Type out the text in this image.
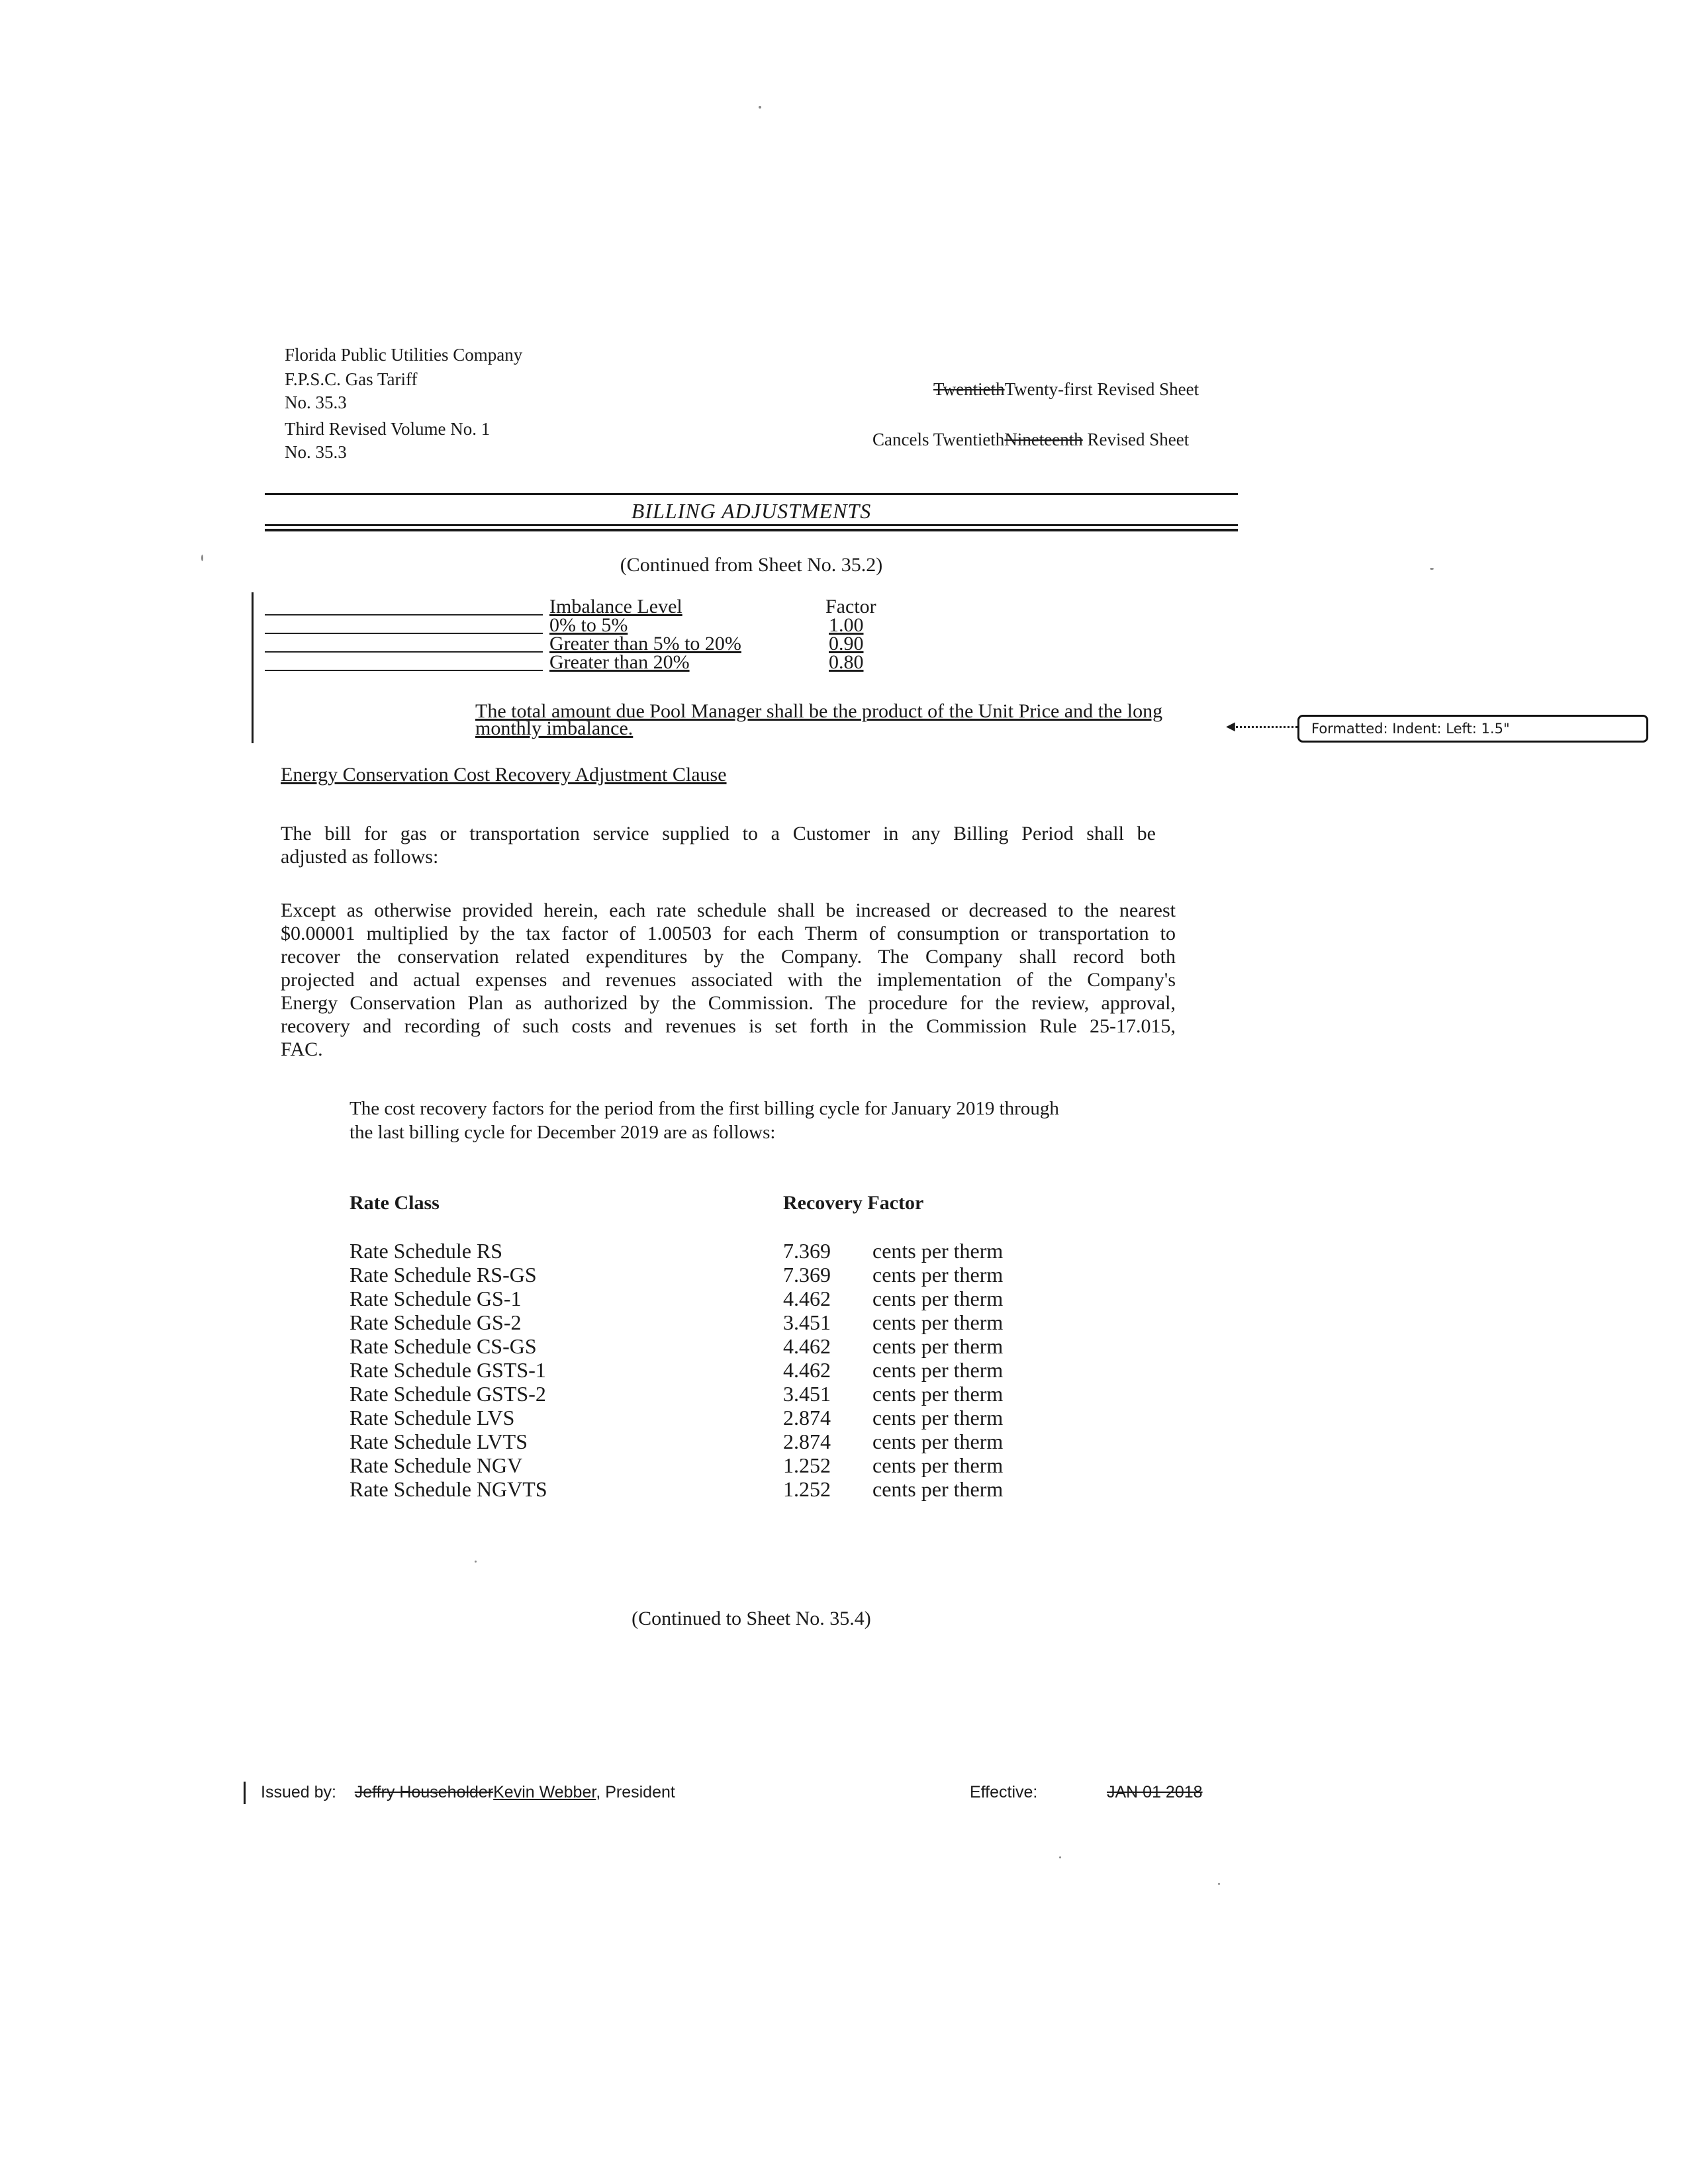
Florida Public Utilities Company
F.P.S.C. Gas Tariff
No. 35.3
Third Revised Volume No. 1
No. 35.3
TwentiethTwenty-first Revised Sheet
Cancels TwentiethNineteenth Revised Sheet
BILLING ADJUSTMENTS
(Continued from Sheet No. 35.2)
Imbalance Level	Factor
0% to 5%	1.00
Greater than 5% to 20%	0.90
Greater than 20%	0.80
The total amount due Pool Manager shall be the product of the Unit Price and the long
monthly imbalance.	◀	Formatted: Indent: Left: 1.5"
Energy Conservation Cost Recovery Adjustment Clause
The bill for gas or transportation service supplied to a Customer in any Billing Period shall be
adjusted as follows:
Except as otherwise provided herein, each rate schedule shall be increased or decreased to the nearest
$0.00001 multiplied by the tax factor of 1.00503 for each Therm of consumption or transportation to
recover the conservation related expenditures by the Company. The Company shall record both
projected and actual expenses and revenues associated with the implementation of the Company's
Energy Conservation Plan as authorized by the Commission. The procedure for the review, approval,
recovery and recording of such costs and revenues is set forth in the Commission Rule 25-17.015,
FAC.
The cost recovery factors for the period from the first billing cycle for January 2019 through
the last billing cycle for December 2019 are as follows:
Rate Class	Recovery Factor
Rate Schedule RS	7.369 cents per therm
Rate Schedule RS-GS	7.369 cents per therm
Rate Schedule GS-1	4.462 cents per therm
Rate Schedule GS-2	3.451 cents per therm
Rate Schedule CS-GS	4.462 cents per therm
Rate Schedule GSTS-1	4.462 cents per therm
Rate Schedule GSTS-2	3.451 cents per therm
Rate Schedule LVS	2.874 cents per therm
Rate Schedule LVTS	2.874 cents per therm
Rate Schedule NGV	1.252 cents per therm
Rate Schedule NGVTS	1.252 cents per therm
(Continued to Sheet No. 35.4)
Issued by: Jeffry HouseholderKevin Webber, President	Effective:	JAN 01 2018
